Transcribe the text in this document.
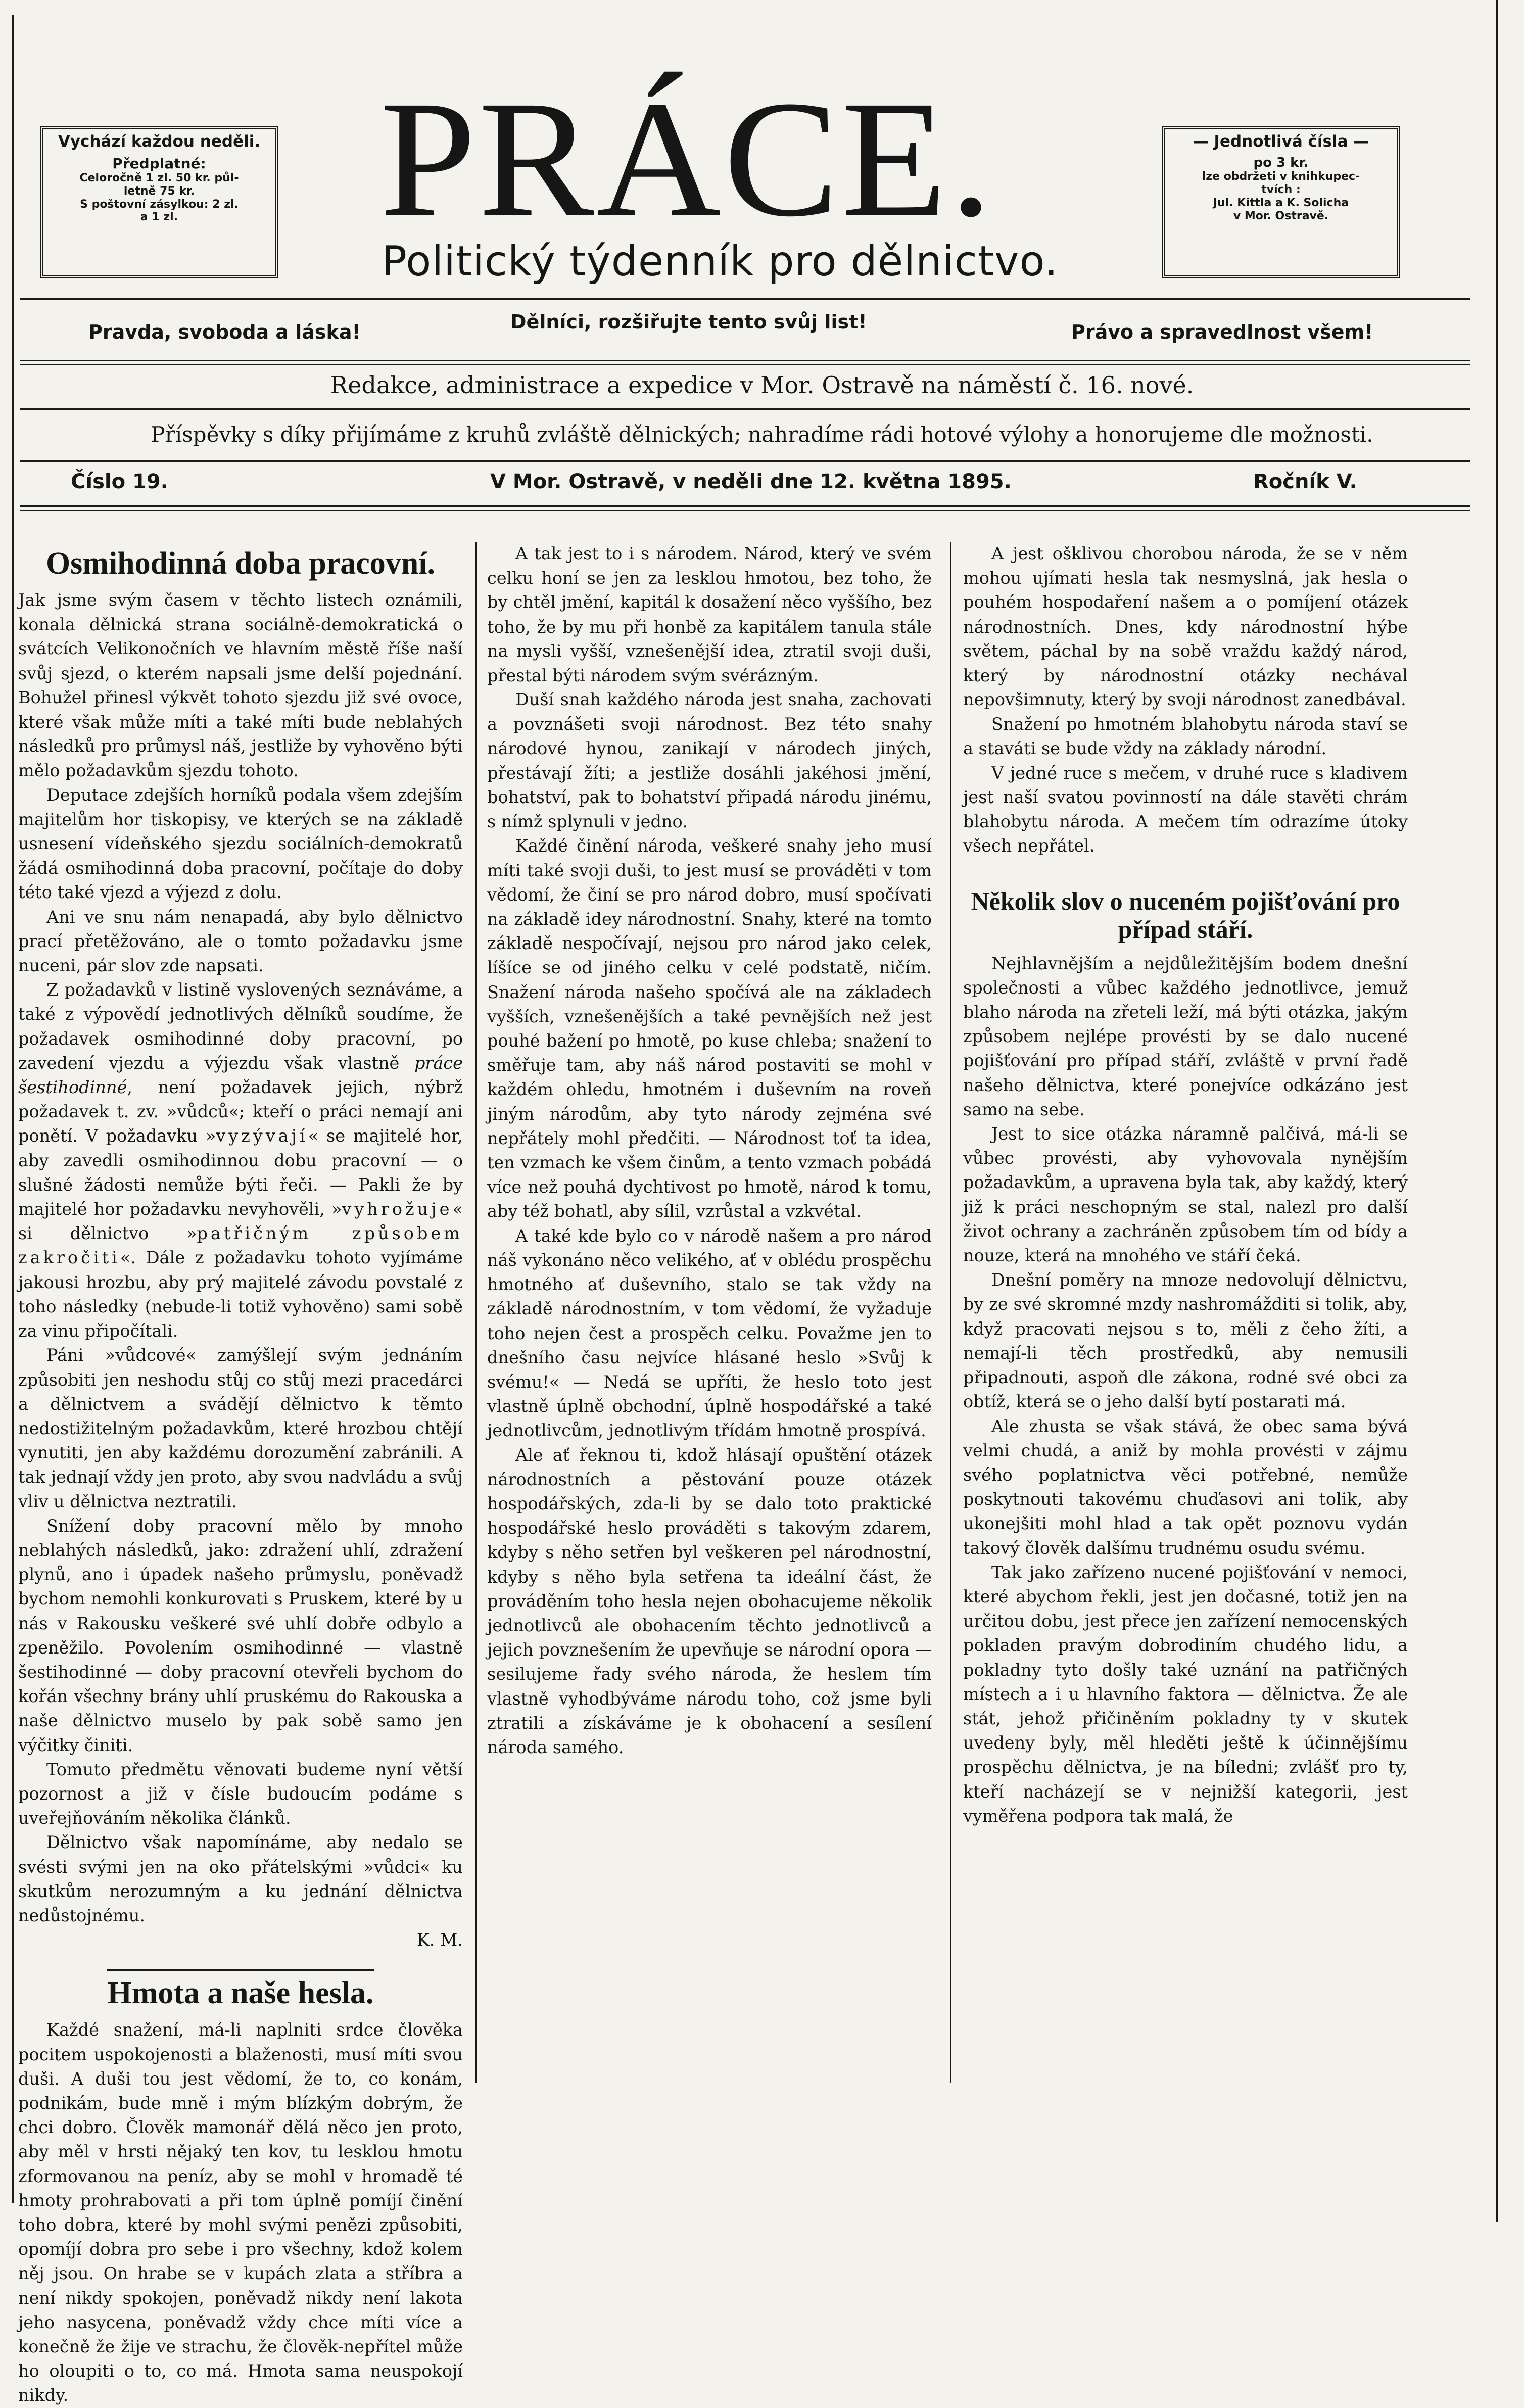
Vychází každou neděli.
Předplatné:
Celoročně 1 zl. 50 kr. půl-
letně 75 kr.
S poštovní zásylkou: 2 zl.
a 1 zl.
— Jednotlivá čísla —
po 3 kr.
lze obdržeti v knihkupec-
tvích :
Jul. Kittla a K. Solicha
v Mor. Ostravě.
PRÁCE.
Politický týdenník pro dělnictvo.
Pravda, svoboda a láska!	Dělníci, rozšiřujte tento svůj list!	Právo a spravedlnost všem!
Redakce, administrace a expedice v Mor. Ostravě na náměstí č. 16. nové.
Příspěvky s díky přijímáme z kruhů zvláště dělnických; nahradíme rádi hotové výlohy a honorujeme dle možnosti.
Číslo 19.	V Mor. Ostravě, v neděli dne 12. května 1895.	Ročník V.
Osmihodinná doba pracovní.

Jak jsme svým časem v těchto listech oznámili, konala dělnická strana sociálně-demokratická o svátcích Velikonočních ve hlavním městě říše naší svůj sjezd, o kterém napsali jsme delší pojednání. Bohužel přinesl výkvět tohoto sjezdu již své ovoce, které však může míti a také míti bude neblahých následků pro průmysl náš, jestliže by vyhověno býti mělo požadavkům sjezdu tohoto.

Deputace zdejších horníků podala všem zdejším majitelům hor tiskopisy, ve kterých se na základě usnesení vídeňského sjezdu sociálních-demokratů žádá osmihodinná doba pracovní, počítaje do doby této také vjezd a výjezd z dolu.

Ani ve snu nám nenapadá, aby bylo dělnictvo prací přetěžováno, ale o tomto požadavku jsme nuceni, pár slov zde napsati.

Z požadavků v listině vyslovených seznáváme, a také z výpovědí jednotlivých dělníků soudíme, že požadavek osmihodinné doby pracovní, po zavedení vjezdu a výjezdu však vlastně práce šestihodinné, není požadavek jejich, nýbrž požadavek t. zv. »vůdců«; kteří o práci nemají ani ponětí. V požadavku »vyzývají« se majitelé hor, aby zavedli osmihodinnou dobu pracovní — o slušné žádosti nemůže býti řeči. — Pakli že by majitelé hor požadavku nevyhověli, »vyhrožuje« si dělnictvo »patřičným způsobem zakročiti«. Dále z požadavku tohoto vyjímáme jakousi hrozbu, aby prý majitelé závodu povstalé z toho následky (nebude-li totiž vyhověno) sami sobě za vinu připočítali.

Páni »vůdcové« zamýšlejí svým jednáním způsobiti jen neshodu stůj co stůj mezi pracedárci a dělnictvem a svádějí dělnictvo k těmto nedostižitelným požadavkům, které hrozbou chtějí vynutiti, jen aby každému dorozumění zabránili. A tak jednají vždy jen proto, aby svou nadvládu a svůj vliv u dělnictva neztratili.

Snížení doby pracovní mělo by mnoho neblahých následků, jako: zdražení uhlí, zdražení plynů, ano i úpadek našeho průmyslu, poněvadž bychom nemohli konkurovati s Pruskem, které by u nás v Rakousku veškeré své uhlí dobře odbylo a zpeněžilo. Povolením osmihodinné — vlastně šestihodinné — doby pracovní otevřeli bychom do kořán všechny brány uhlí pruskému do Rakouska a naše dělnictvo muselo by pak sobě samo jen výčitky činiti.

Tomuto předmětu věnovati budeme nyní větší pozornost a již v čísle budoucím podáme s uveřejňováním několika článků.

Dělnictvo však napomínáme, aby nedalo se svésti svými jen na oko přátelskými »vůdci« ku skutkům nerozumným a ku jednání dělnictva nedůstojnému.

K. M.

Hmota a naše hesla.

Každé snažení, má-li naplniti srdce člověka pocitem uspokojenosti a blaženosti, musí míti svou duši. A duši tou jest vědomí, že to, co konám, podnikám, bude mně i mým blízkým dobrým, že chci dobro. Člověk mamonář dělá něco jen proto, aby měl v hrsti nějaký ten kov, tu lesklou hmotu zformovanou na peníz, aby se mohl v hromadě té hmoty prohrabovati a při tom úplně pomíjí činění toho dobra, které by mohl svými penězi způsobiti, opomíjí dobra pro sebe i pro všechny, kdož kolem něj jsou. On hrabe se v kupách zlata a stříbra a není nikdy spokojen, poněvadž nikdy není lakota jeho nasycena, poněvadž vždy chce míti více a konečně že žije ve strachu, že člověk-nepřítel může ho oloupiti o to, co má. Hmota sama neuspokojí nikdy.

A tak jest to i s národem. Národ, který ve svém celku honí se jen za lesklou hmotou, bez toho, že by chtěl jmění, kapitál k dosažení něco vyššího, bez toho, že by mu při honbě za kapitálem tanula stále na mysli vyšší, vznešenější idea, ztratil svoji duši, přestal býti národem svým svérázným.

Duší snah každého národa jest snaha, zachovati a povznášeti svoji národnost. Bez této snahy národové hynou, zanikají v národech jiných, přestávají žíti; a jestliže dosáhli jakéhosi jmění, bohatství, pak to bohatství připadá národu jinému, s nímž splynuli v jedno.

Každé činění národa, veškeré snahy jeho musí míti také svoji duši, to jest musí se prováděti v tom vědomí, že činí se pro národ dobro, musí spočívati na základě idey národnostní. Snahy, které na tomto základě nespočívají, nejsou pro národ jako celek, líšíce se od jiného celku v celé podstatě, ničím. Snažení národa našeho spočívá ale na základech vyšších, vznešenějších a také pevnějších než jest pouhé bažení po hmotě, po kuse chleba; snažení to směřuje tam, aby náš národ postaviti se mohl v každém ohledu, hmotném i duševním na roveň jiným národům, aby tyto národy zejména své nepřátely mohl předčiti. — Národnost toť ta idea, ten vzmach ke všem činům, a tento vzmach pobádá více než pouhá dychtivost po hmotě, národ k tomu, aby též bohatl, aby sílil, vzrůstal a vzkvétal.

A také kde bylo co v národě našem a pro národ náš vykonáno něco velikého, ať v oblédu prospěchu hmotného ať duševního, stalo se tak vždy na základě národnostním, v tom vědomí, že vyžaduje toho nejen čest a prospěch celku. Považme jen to dnešního času nejvíce hlásané heslo »Svůj k svému!« — Nedá se upříti, že heslo toto jest vlastně úplně obchodní, úplně hospodářské a také jednotlivcům, jednotlivým třídám hmotně prospívá.

Ale ať řeknou ti, kdož hlásají opuštění otázek národnostních a pěstování pouze otázek hospodářských, zda-li by se dalo toto praktické hospodářské heslo prováděti s takovým zdarem, kdyby s něho setřen byl veškeren pel národnostní, kdyby s něho byla setřena ta ideální část, že prováděním toho hesla nejen obohacujeme několik jednotlivců ale obohacením těchto jednotlivců a jejich povznešením že upevňuje se národní opora — sesilujeme řady svého národa, že heslem tím vlastně vyhodbýváme národu toho, což jsme byli ztratili a získáváme je k obohacení a sesílení národa samého.

A jest ošklivou chorobou národa, že se v něm mohou ujímati hesla tak nesmyslná, jak hesla o pouhém hospodaření našem a o pomíjení otázek národnostních. Dnes, kdy národnostní hýbe světem, páchal by na sobě vraždu každý národ, který by národnostní otázky nechával nepovšimnuty, který by svoji národnost zanedbával.

Snažení po hmotném blahobytu národa staví se a staváti se bude vždy na základy národní.

V jedné ruce s mečem, v druhé ruce s kladivem jest naší svatou povinností na dále stavěti chrám blahobytu národa. A mečem tím odrazíme útoky všech nepřátel.

Několik slov o nuceném pojišťování pro případ stáří.

Nejhlavnějším a nejdůležitějším bodem dnešní společnosti a vůbec každého jednotlivce, jemuž blaho národa na zřeteli leží, má býti otázka, jakým způsobem nejlépe provésti by se dalo nucené pojišťování pro případ stáří, zvláště v první řadě našeho dělnictva, které ponejvíce odkázáno jest samo na sebe.

Jest to sice otázka náramně palčivá, má-li se vůbec provésti, aby vyhovovala nynějším požadavkům, a upravena byla tak, aby každý, který již k práci neschopným se stal, nalezl pro další život ochrany a zachráněn způsobem tím od bídy a nouze, která na mnohého ve stáří čeká.

Dnešní poměry na mnoze nedovolují dělnictvu, by ze své skromné mzdy nashromážditi si tolik, aby, když pracovati nejsou s to, měli z čeho žíti, a nemají-li těch prostředků, aby nemusili připadnouti, aspoň dle zákona, rodné své obci za obtíž, která se o jeho další bytí postarati má.

Ale zhusta se však stává, že obec sama bývá velmi chudá, a aniž by mohla provésti v zájmu svého poplatnictva věci potřebné, nemůže poskytnouti takovému chuďasovi ani tolik, aby ukonejšiti mohl hlad a tak opět poznovu vydán takový člověk dalšímu trudnému osudu svému.

Tak jako zařízeno nucené pojišťování v nemoci, které abychom řekli, jest jen dočasné, totiž jen na určitou dobu, jest přece jen zařízení nemocenských pokladen pravým dobrodiním chudého lidu, a pokladny tyto došly také uznání na patřičných místech a i u hlavního faktora — dělnictva. Že ale stát, jehož přičiněním pokladny ty v skutek uvedeny byly, měl hleděti ještě k účinnějšímu prospěchu dělnictva, je na bíledni; zvlášť pro ty, kteří nacházejí se v nejnižší kategorii, jest vyměřena podpora tak malá, že
